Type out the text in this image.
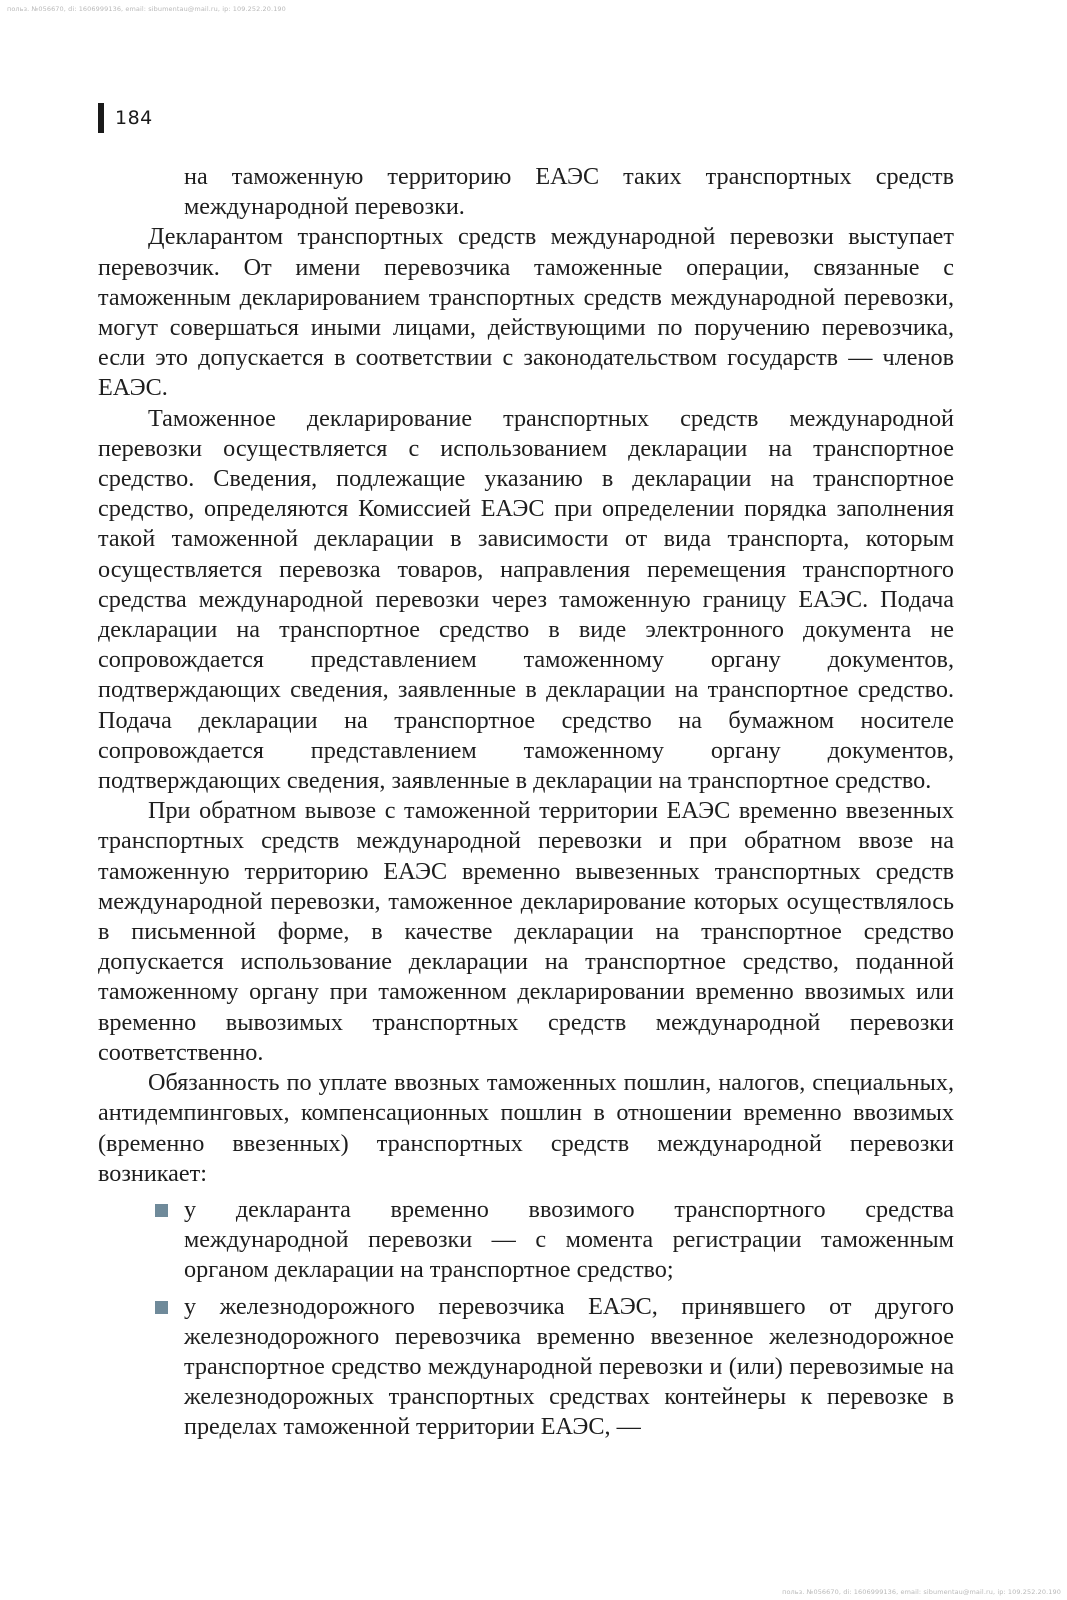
польз. №056670, di: 1606999136, email: sibumentau@mail.ru, ip: 109.252.20.190
184

на таможенную территорию ЕАЭС таких транспортных средств международной перевозки.

Декларантом транспортных средств международной перевозки выступает перевозчик. От имени перевозчика таможенные операции, связанные с таможенным декларированием транспортных средств международной перевозки, могут совершаться иными лицами, действующими по поручению перевозчика, если это допускается в соответствии с законодательством государств — членов ЕАЭС.

Таможенное декларирование транспортных средств международной перевозки осуществляется с использованием декларации на транспортное средство. Сведения, подлежащие указанию в декларации на транспортное средство, определяются Комиссией ЕАЭС при определении порядка заполнения такой таможенной декларации в зависимости от вида транспорта, которым осуществляется перевозка товаров, направления перемещения транспортного средства международной перевозки через таможенную границу ЕАЭС. Подача декларации на транспортное средство в виде электронного документа не сопровождается представлением таможенному органу документов, подтверждающих сведения, заявленные в декларации на транспортное средство. Подача декларации на транспортное средство на бумажном носителе сопровождается представлением таможенному органу документов, подтверждающих сведения, заявленные в декларации на транспортное средство.

При обратном вывозе с таможенной территории ЕАЭС временно ввезенных транспортных средств международной перевозки и при обратном ввозе на таможенную территорию ЕАЭС временно вывезенных транспортных средств международной перевозки, таможенное декларирование которых осуществлялось в письменной форме, в качестве декларации на транспортное средство допускается использование декларации на транспортное средство, поданной таможенному органу при таможенном декларировании временно ввозимых или временно вывозимых транспортных средств международной перевозки соответственно.

Обязанность по уплате ввозных таможенных пошлин, налогов, специальных, антидемпинговых, компенсационных пошлин в отношении временно ввозимых (временно ввезенных) транспортных средств международной перевозки возникает:

у декларанта временно ввозимого транспортного средства международной перевозки — с момента регистрации таможенным органом декларации на транспортное средство;
у железнодорожного перевозчика ЕАЭС, принявшего от другого железнодорожного перевозчика временно ввезенное железнодорожное транспортное средство международной перевозки и (или) перевозимые на железнодорожных транспортных средствах контейнеры к перевозке в пределах таможенной территории ЕАЭС, —
польз. №056670, di: 1606999136, email: sibumentau@mail.ru, ip: 109.252.20.190
